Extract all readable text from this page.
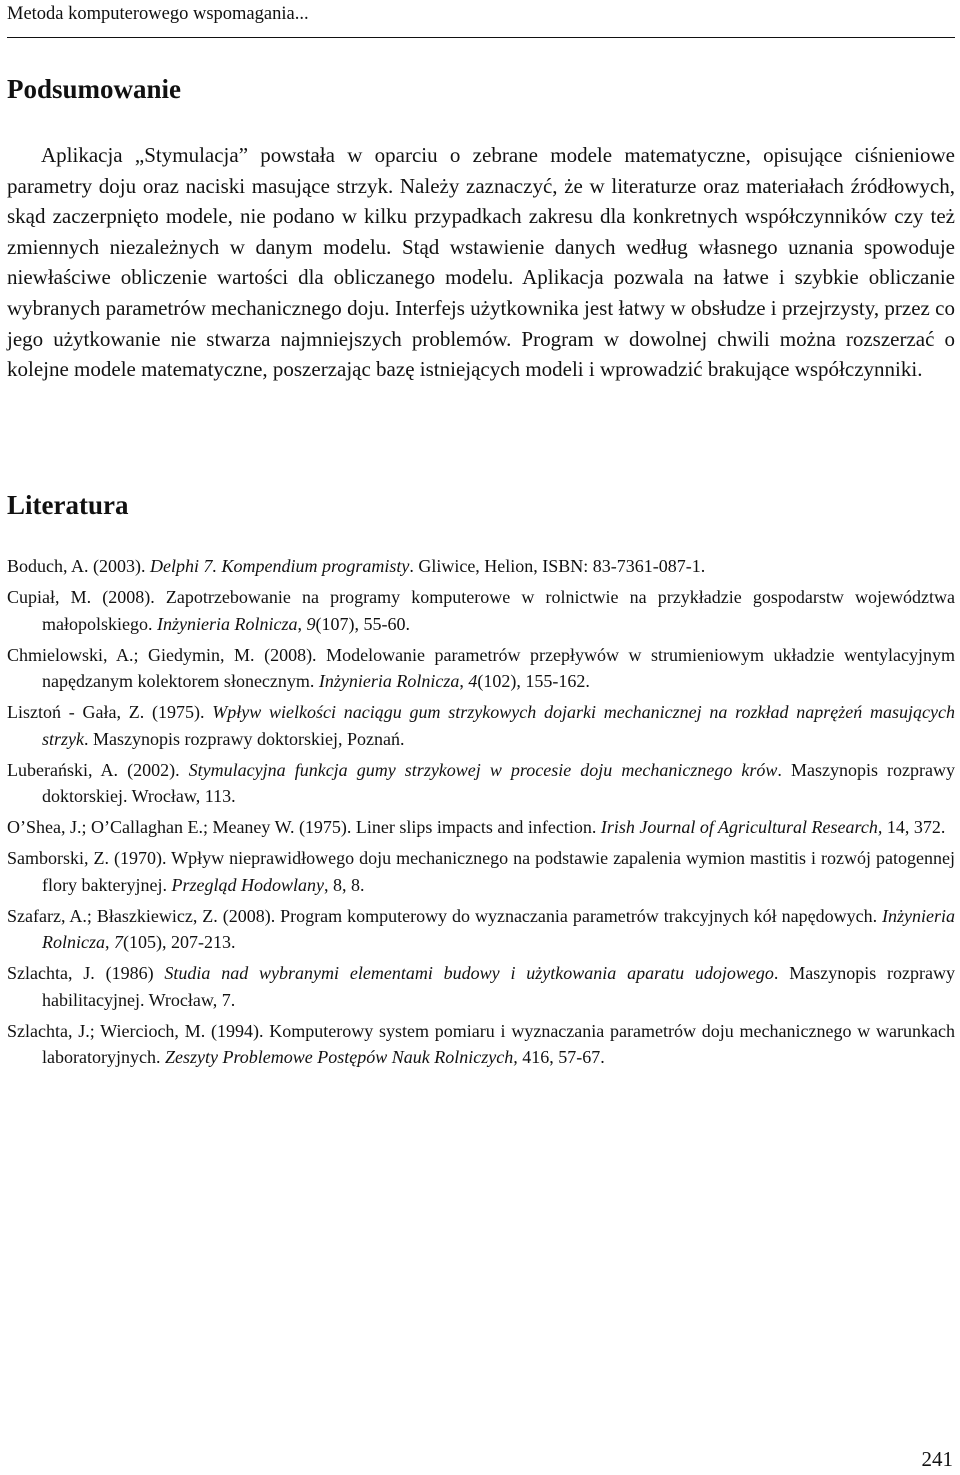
Metoda komputerowego wspomagania...
Podsumowanie

Aplikacja „Stymulacja” powstała w oparciu o zebrane modele matematyczne, opisujące ciśnieniowe parametry doju oraz naciski masujące strzyk. Należy zaznaczyć, że w literaturze oraz materiałach źródłowych, skąd zaczerpnięto modele, nie podano w kilku przypadkach zakresu dla konkretnych współczynników czy też zmiennych niezależnych w danym modelu. Stąd wstawienie danych według własnego uznania spowoduje niewłaściwe obliczenie wartości dla obliczanego modelu. Aplikacja pozwala na łatwe i szybkie obliczanie wybranych parametrów mechanicznego doju. Interfejs użytkownika jest łatwy w obsłudze i przejrzysty, przez co jego użytkowanie nie stwarza najmniejszych problemów. Program w dowolnej chwili można rozszerzać o kolejne modele matematyczne, poszerzając bazę istniejących modeli i wprowadzić brakujące współczynniki.

Literatura
Boduch, A. (2003). Delphi 7. Kompendium programisty. Gliwice, Helion, ISBN: 83-7361-087-1.
Cupiał, M. (2008). Zapotrzebowanie na programy komputerowe w rolnictwie na przykładzie gospodarstw województwa małopolskiego. Inżynieria Rolnicza, 9(107), 55-60.
Chmielowski, A.; Giedymin, M. (2008). Modelowanie parametrów przepływów w strumieniowym układzie wentylacyjnym napędzanym kolektorem słonecznym. Inżynieria Rolnicza, 4(102), 155-162.
Lisztoń - Gała, Z. (1975). Wpływ wielkości naciągu gum strzykowych dojarki mechanicznej na rozkład naprężeń masujących strzyk. Maszynopis rozprawy doktorskiej, Poznań.
Luberański, A. (2002). Stymulacyjna funkcja gumy strzykowej w procesie doju mechanicznego krów. Maszynopis rozprawy doktorskiej. Wrocław, 113.
O’Shea, J.; O’Callaghan E.; Meaney W. (1975). Liner slips impacts and infection. Irish Journal of Agricultural Research, 14, 372.
Samborski, Z. (1970). Wpływ nieprawidłowego doju mechanicznego na podstawie zapalenia wymion mastitis i rozwój patogennej flory bakteryjnej. Przegląd Hodowlany, 8, 8.
Szafarz, A.; Błaszkiewicz, Z. (2008). Program komputerowy do wyznaczania parametrów trakcyjnych kół napędowych. Inżynieria Rolnicza, 7(105), 207-213.
Szlachta, J. (1986) Studia nad wybranymi elementami budowy i użytkowania aparatu udojowego. Maszynopis rozprawy habilitacyjnej. Wrocław, 7.
Szlachta, J.; Wiercioch, M. (1994). Komputerowy system pomiaru i wyznaczania parametrów doju mechanicznego w warunkach laboratoryjnych. Zeszyty Problemowe Postępów Nauk Rolniczych, 416, 57-67.
241
